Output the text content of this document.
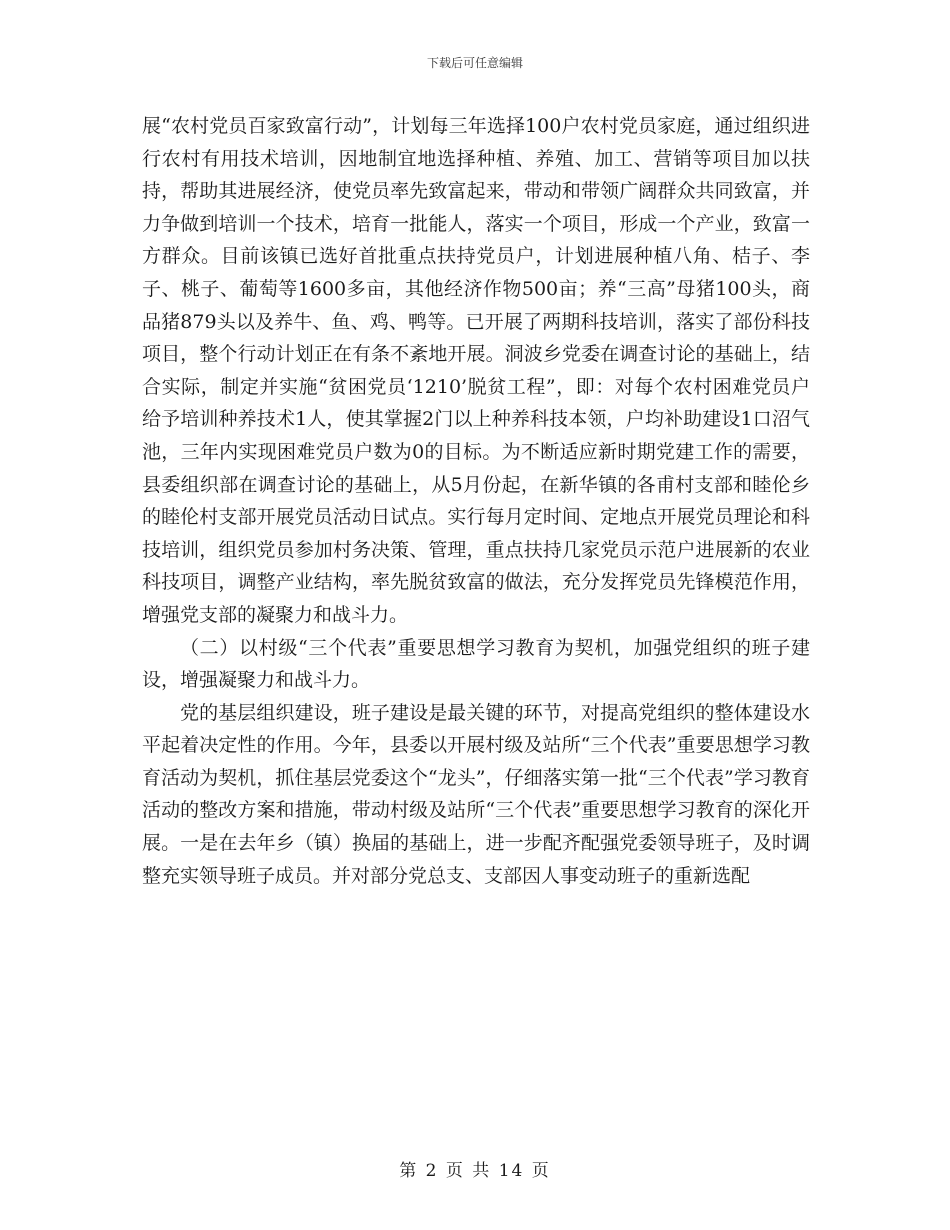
下载后可任意编辑

展“农村党员百家致富行动”，计划每三年选择100户农村党员家庭，通过组织进行农村有用技术培训，因地制宜地选择种植、养殖、加工、营销等项目加以扶持，帮助其进展经济，使党员率先致富起来，带动和带领广阔群众共同致富，并力争做到培训一个技术，培育一批能人，落实一个项目，形成一个产业，致富一方群众。目前该镇已选好首批重点扶持党员户，计划进展种植八角、桔子、李子、桃子、葡萄等1600多亩，其他经济作物500亩；养“三高”母猪100头，商品猪879头以及养牛、鱼、鸡、鸭等。已开展了两期科技培训，落实了部份科技项目，整个行动计划正在有条不紊地开展。洞波乡党委在调查讨论的基础上，结合实际，制定并实施“贫困党员‘1210’脱贫工程”，即：对每个农村困难党员户给予培训种养技术1人，使其掌握2门以上种养科技本领，户均补助建设1口沼气池，三年内实现困难党员户数为0的目标。为不断适应新时期党建工作的需要，县委组织部在调查讨论的基础上，从5月份起，在新华镇的各甫村支部和睦伦乡的睦伦村支部开展党员活动日试点。实行每月定时间、定地点开展党员理论和科技培训，组织党员参加村务决策、管理，重点扶持几家党员示范户进展新的农业科技项目，调整产业结构，率先脱贫致富的做法，充分发挥党员先锋模范作用，增强党支部的凝聚力和战斗力。

（二）以村级“三个代表”重要思想学习教育为契机，加强党组织的班子建设，增强凝聚力和战斗力。

党的基层组织建设，班子建设是最关键的环节，对提高党组织的整体建设水平起着决定性的作用。今年，县委以开展村级及站所“三个代表”重要思想学习教育活动为契机，抓住基层党委这个“龙头”，仔细落实第一批“三个代表”学习教育活动的整改方案和措施，带动村级及站所“三个代表”重要思想学习教育的深化开展。一是在去年乡（镇）换届的基础上，进一步配齐配强党委领导班子，及时调整充实领导班子成员。并对部分党总支、支部因人事变动班子的重新选配

第 2 页 共 14 页
